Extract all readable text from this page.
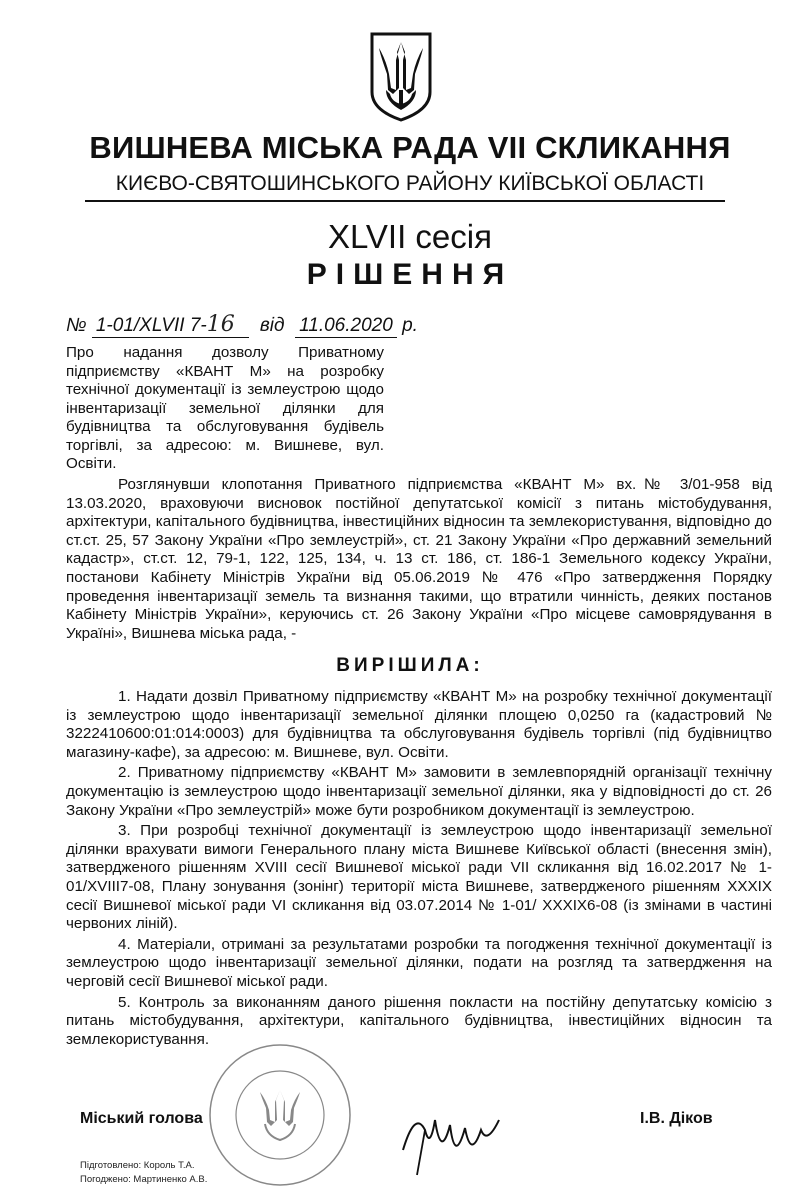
ВИШНЕВА МІСЬКА РАДА VII СКЛИКАННЯ
КИЄВО-СВЯТОШИНСЬКОГО РАЙОНУ КИЇВСЬКОЇ ОБЛАСТІ
XLVII сесія
РІШЕННЯ
№ 1-01/XLVII 7-16 від 11.06.2020 р.
Про надання дозволу Приватному підприємству «КВАНТ М» на розробку технічної документації із землеустрою щодо інвентаризації земельної ділянки для будівництва та обслуговування будівель торгівлі, за адресою: м. Вишневе, вул. Освіти.

Розглянувши клопотання Приватного підприємства «КВАНТ М» вх.№ 3/01-958 від 13.03.2020, враховуючи висновок постійної депутатської комісії з питань містобудування, архітектури, капітального будівництва, інвестиційних відносин та землекористування, відповідно до ст.ст. 25, 57 Закону України «Про землеустрій», ст. 21 Закону України «Про державний земельний кадастр», ст.ст. 12, 79-1, 122, 125, 134, ч. 13 ст. 186, ст. 186-1 Земельного кодексу України, постанови Кабінету Міністрів України від 05.06.2019 № 476 «Про затвердження Порядку проведення інвентаризації земель та визнання такими, що втратили чинність, деяких постанов Кабінету Міністрів України», керуючись ст. 26 Закону України «Про місцеве самоврядування в Україні», Вишнева міська рада, -

ВИРІШИЛА:

1. Надати дозвіл Приватному підприємству «КВАНТ М» на розробку технічної документації із землеустрою щодо інвентаризації земельної ділянки площею 0,0250 га (кадастровий № 3222410600:01:014:0003) для будівництва та обслуговування будівель торгівлі (під будівництво магазину-кафе), за адресою: м. Вишневе, вул. Освіти.

2. Приватному підприємству «КВАНТ М» замовити в землевпорядній організації технічну документацію із землеустрою щодо інвентаризації земельної ділянки, яка у відповідності до ст. 26 Закону України «Про землеустрій» може бути розробником документації із землеустрою.

3. При розробці технічної документації із землеустрою щодо інвентаризації земельної ділянки врахувати вимоги Генерального плану міста Вишневе Київської області (внесення змін), затвердженого рішенням XVIII сесії Вишневої міської ради VII скликання від 16.02.2017 № 1-01/XVIII7-08, Плану зонування (зонінг) території міста Вишневе, затвердженого рішенням XXXIX сесії Вишневої міської ради VI скликання від 03.07.2014 № 1-01/ XXXIX6-08 (із змінами в частині червоних ліній).

4. Матеріали, отримані за результатами розробки та погодження технічної документації із землеустрою щодо інвентаризації земельної ділянки, подати на розгляд та затвердження на черговій сесії Вишневої міської ради.

5. Контроль за виконанням даного рішення покласти на постійну депутатську комісію з питань містобудування, архітектури, капітального будівництва, інвестиційних відносин та землекористування.

Міський голова	І.В. Діков
Підготовлено: Король Т.А.
Погоджено: Мартиненко А.В.
